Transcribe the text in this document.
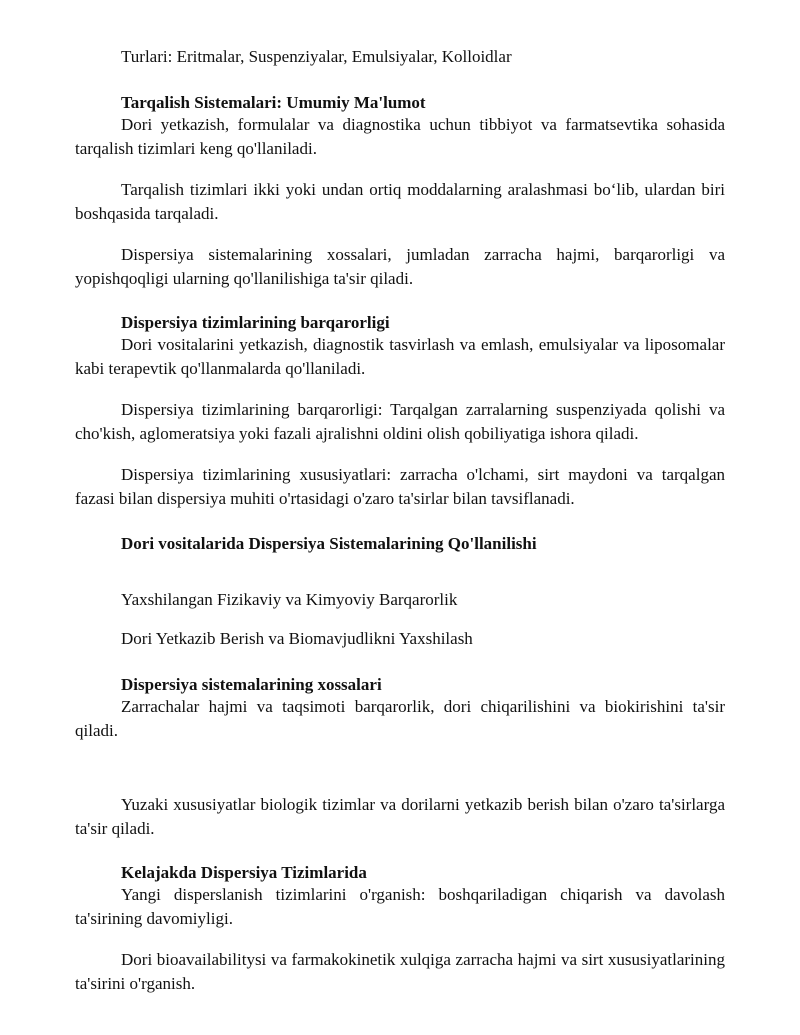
Turlari: Eritmalar, Suspenziyalar, Emulsiyalar, Kolloidlar

Tarqalish Sistemalari: Umumiy Ma'lumot

Dori yetkazish, formulalar va diagnostika uchun tibbiyot va farmatsevtika sohasida tarqalish tizimlari keng qo'llaniladi.

Tarqalish tizimlari ikki yoki undan ortiq moddalarning aralashmasi bo‘lib, ulardan biri boshqasida tarqaladi.

Dispersiya sistemalarining xossalari, jumladan zarracha hajmi, barqarorligi va yopishqoqligi ularning qo'llanilishiga ta'sir qiladi.

Dispersiya tizimlarining barqarorligi

Dori vositalarini yetkazish, diagnostik tasvirlash va emlash, emulsiyalar va liposomalar kabi terapevtik qo'llanmalarda qo'llaniladi.

Dispersiya tizimlarining barqarorligi: Tarqalgan zarralarning suspenziyada qolishi va cho'kish, aglomeratsiya yoki fazali ajralishni oldini olish qobiliyatiga ishora qiladi.

Dispersiya tizimlarining xususiyatlari: zarracha o'lchami, sirt maydoni va tarqalgan fazasi bilan dispersiya muhiti o'rtasidagi o'zaro ta'sirlar bilan tavsiflanadi.

Dori vositalarida Dispersiya Sistemalarining Qo'llanilishi

Yaxshilangan Fizikaviy va Kimyoviy Barqarorlik

Dori Yetkazib Berish va Biomavjudlikni Yaxshilash

Dispersiya sistemalarining xossalari

Zarrachalar hajmi va taqsimoti barqarorlik, dori chiqarilishini va biokirishini ta'sir qiladi.

Yuzaki xususiyatlar biologik tizimlar va dorilarni yetkazib berish bilan o'zaro ta'sirlarga ta'sir qiladi.

Kelajakda Dispersiya Tizimlarida

Yangi disperslanish tizimlarini o'rganish: boshqariladigan chiqarish va davolash ta'sirining davomiyligi.

Dori bioavailabilitysi va farmakokinetik xulqiga zarracha hajmi va sirt xususiyatlarining ta'sirini o'rganish.
